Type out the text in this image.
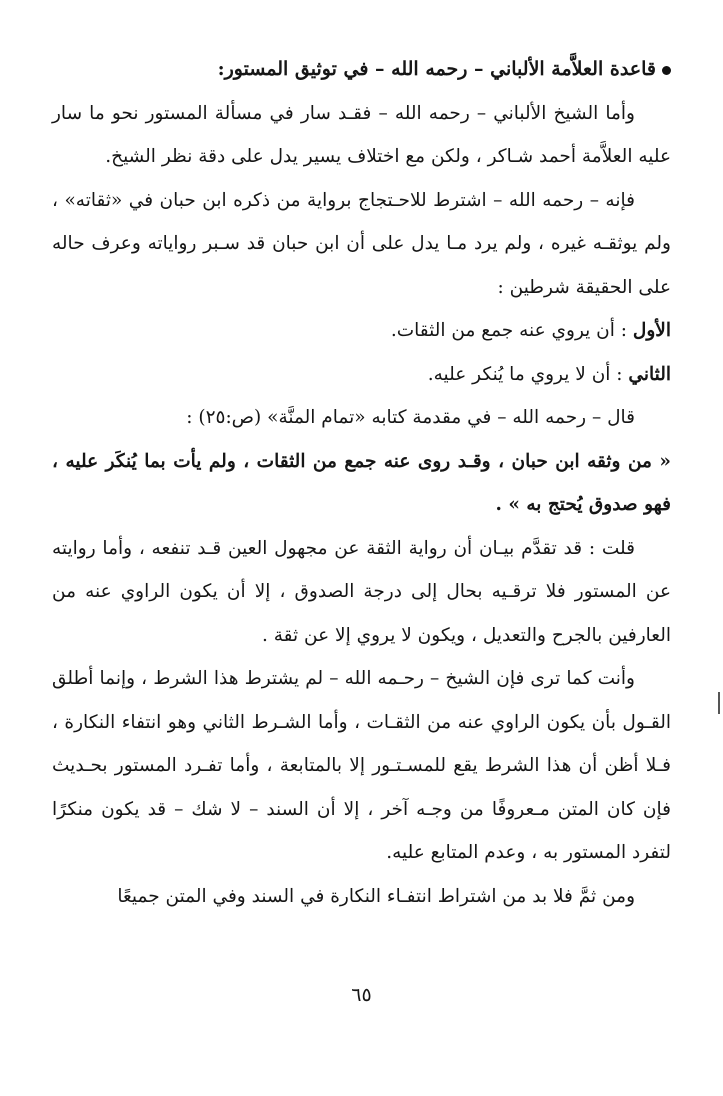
قاعدة العلاَّمة الألباني – رحمه الله – في توثيق المستور:

وأما الشيخ الألباني – رحمه الله – فقـد سار في مسألة المستور نحو ما سار عليه العلاَّمة أحمد شـاكر ، ولكن مع اختلاف يسير يدل على دقة نظر الشيخ.

فإنه – رحمه الله – اشترط للاحـتجاج برواية من ذكره ابن حبان في «ثقاته» ، ولم يوثقـه غيره ، ولم يرد مـا يدل على أن ابن حبان قد سـبر رواياته وعرف حاله على الحقيقة شرطين :

الأول : أن يروي عنه جمع من الثقات.

الثاني : أن لا يروي ما يُنكر عليه.

قال – رحمه الله – في مقدمة كتابه «تمام المنَّة» (ص:٢٥) :

« من وثقه ابن حبان ، وقـد روى عنه جمع من الثقات ، ولم يأت بما يُنكَر عليه ، فهو صدوق يُحتج به » .

قلت : قد تقدَّم بيـان أن رواية الثقة عن مجهول العين قـد تنفعه ، وأما روايته عن المستور فلا ترقـيه بحال إلى درجة الصدوق ، إلا أن يكون الراوي عنه من العارفين بالجرح والتعديل ، ويكون لا يروي إلا عن ثقة .

وأنت كما ترى فإن الشيخ – رحـمه الله – لم يشترط هذا الشرط ، وإنما أطلق القـول بأن يكون الراوي عنه من الثقـات ، وأما الشـرط الثاني وهو انتفاء النكارة ، فـلا أظن أن هذا الشرط يقع للمسـتـور إلا بالمتابعة ، وأما تفـرد المستور بحـديث فإن كان المتن مـعروفًا من وجـه آخر ، إلا أن السند – لا شك – قد يكون منكرًا لتفرد المستور به ، وعدم المتابع عليه.

ومن ثمَّ فلا بد من اشتراط انتفـاء النكارة في السند وفي المتن جميعًا

٦٥
